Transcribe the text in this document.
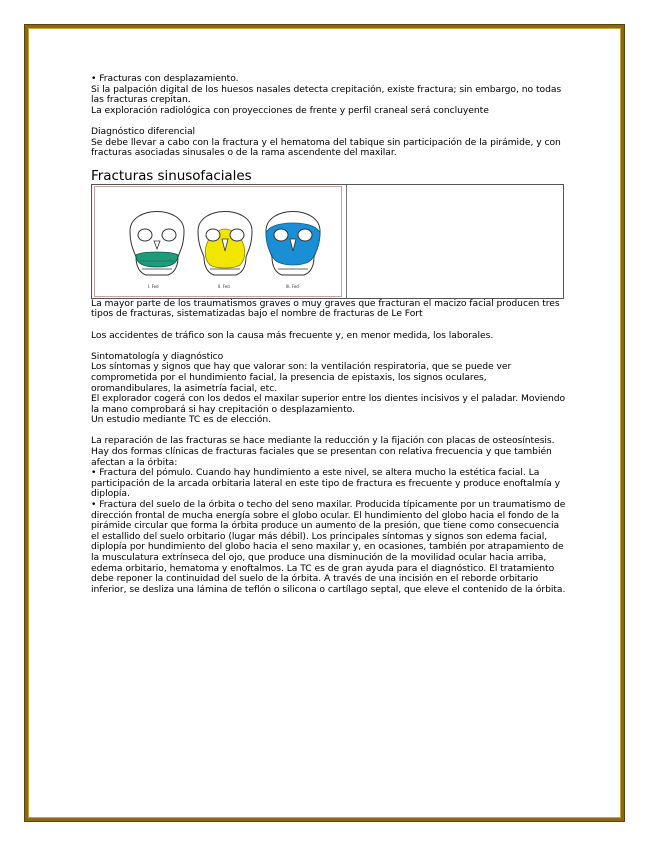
• Fracturas con desplazamiento.

Si la palpación digital de los huesos nasales detecta crepitación, existe fractura; sin embargo, no todas las fracturas crepitan.

La exploración radiológica con proyecciones de frente y perfil craneal será concluyente

Diagnóstico diferencial

Se debe llevar a cabo con la fractura y el hematoma del tabique sin participación de la pirámide, y con fracturas asociadas sinusales o de la rama ascendente del maxilar.

Fracturas sinusofaciales
I. Fed	II. Fed	III. Fed

La mayor parte de los traumatismos graves o muy graves que fracturan el macizo facial producen tres tipos de fracturas, sistematizadas bajo el nombre de fracturas de Le Fort

Los accidentes de tráfico son la causa más frecuente y, en menor medida, los laborales.

Sintomatología y diagnóstico

Los síntomas y signos que hay que valorar son: la ventilación respiratoria, que se puede ver comprometida por el hundimiento facial, la presencia de epistaxis, los signos oculares, oromandibulares, la asimetría facial, etc.

El explorador cogerá con los dedos el maxilar superior entre los dientes incisivos y el paladar. Moviendo la mano comprobará si hay crepitación o desplazamiento.

Un estudio mediante TC es de elección.

La reparación de las fracturas se hace mediante la reducción y la fijación con placas de osteosíntesis.

Hay dos formas clínicas de fracturas faciales que se presentan con relativa frecuencia y que también afectan a la órbita:

• Fractura del pómulo. Cuando hay hundimiento a este nivel, se altera mucho la estética facial. La participación de la arcada orbitaria lateral en este tipo de fractura es frecuente y produce enoftalmía y diplopía.

• Fractura del suelo de la órbita o techo del seno maxilar. Producida típicamente por un traumatismo de dirección frontal de mucha energía sobre el globo ocular. El hundimiento del globo hacia el fondo de la pirámide circular que forma la órbita produce un aumento de la presión, que tiene como consecuencia el estallido del suelo orbitario (lugar más débil). Los principales síntomas y signos son edema facial, diplopía por hundimiento del globo hacia el seno maxilar y, en ocasiones, también por atrapamiento de la musculatura extrínseca del ojo, que produce una disminución de la movilidad ocular hacia arriba, edema orbitario, hematoma y enoftalmos. La TC es de gran ayuda para el diagnóstico. El tratamiento debe reponer la continuidad del suelo de la órbita. A través de una incisión en el reborde orbitario inferior, se desliza una lámina de teflón o silicona o cartílago septal, que eleve el contenido de la órbita.
